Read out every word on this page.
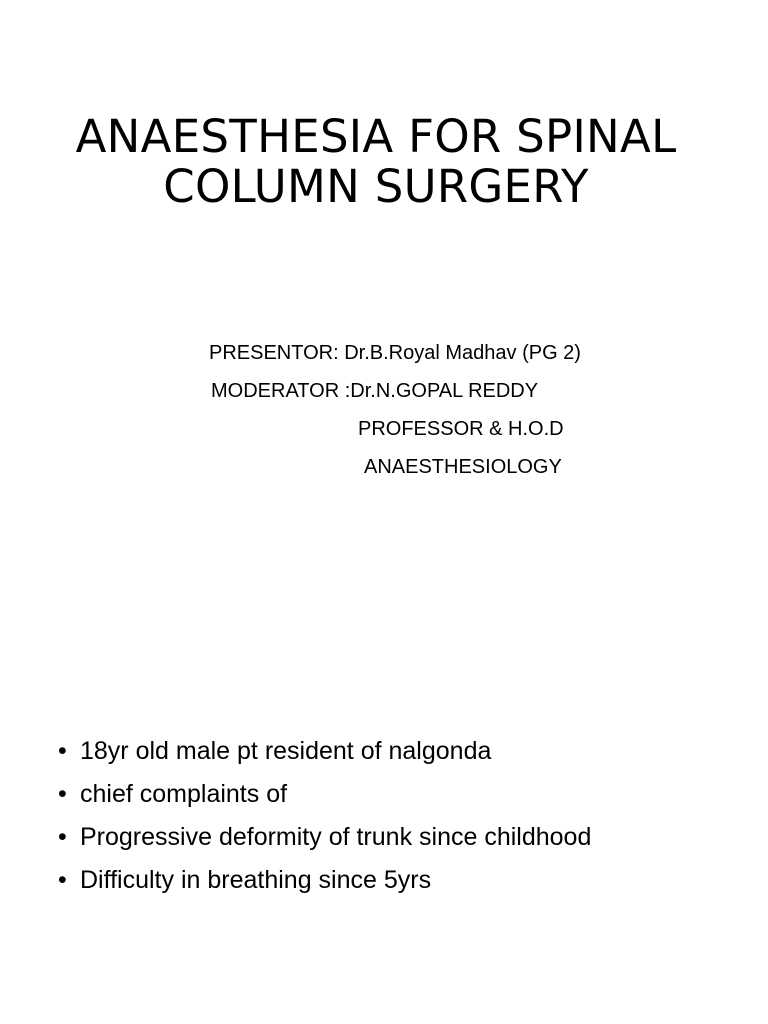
ANAESTHESIA FOR SPINAL
COLUMN SURGERY
PRESENTOR: Dr.B.Royal Madhav (PG 2)
MODERATOR :Dr.N.GOPAL REDDY
PROFESSOR & H.O.D
ANAESTHESIOLOGY
• 18yr old male pt resident of nalgonda
• chief complaints of
• Progressive deformity of trunk since childhood
• Difficulty in breathing since 5yrs
